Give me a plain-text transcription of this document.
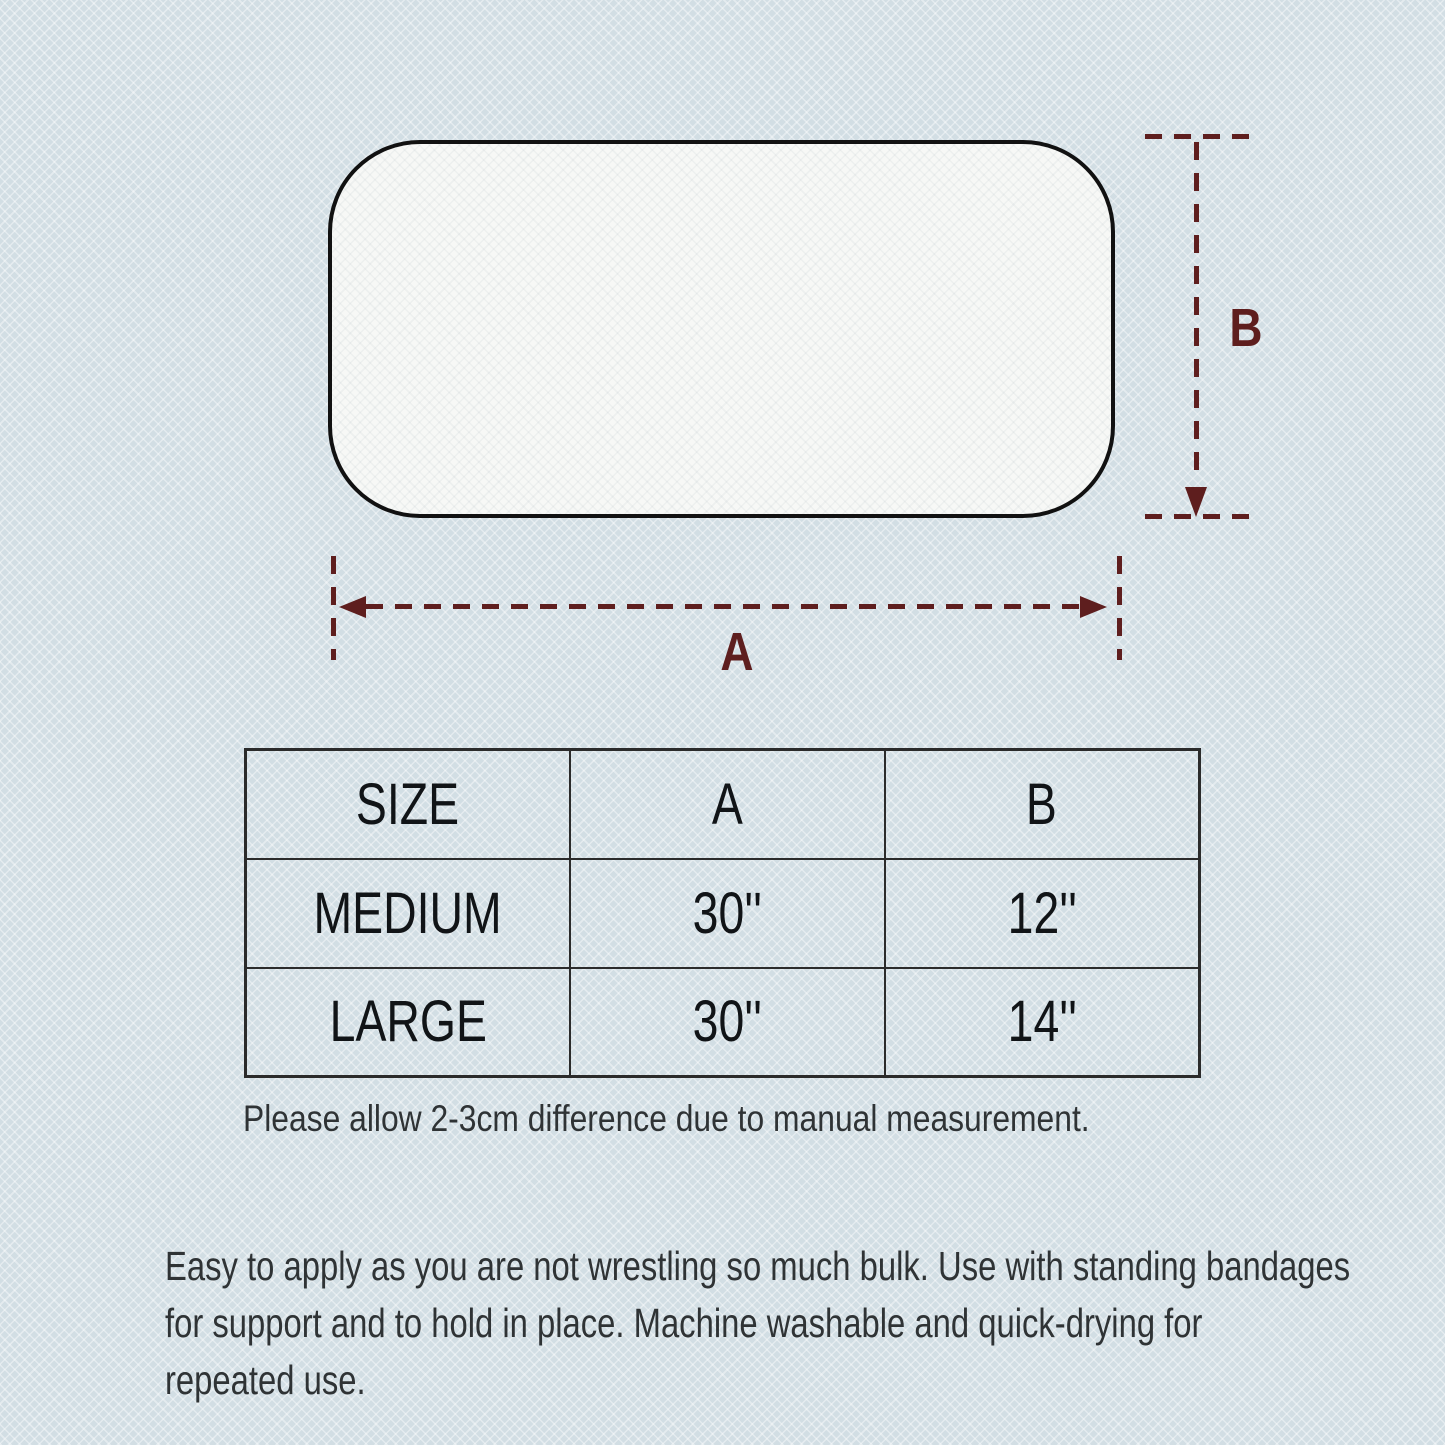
B
A
SIZE	A	B
MEDIUM	30''	12''
LARGE	30''	14''
Please allow 2-3cm difference due to manual measurement.
Easy to apply as you are not wrestling so much bulk. Use with standing bandages
for support and to hold in place. Machine washable and quick-drying for
repeated use.
